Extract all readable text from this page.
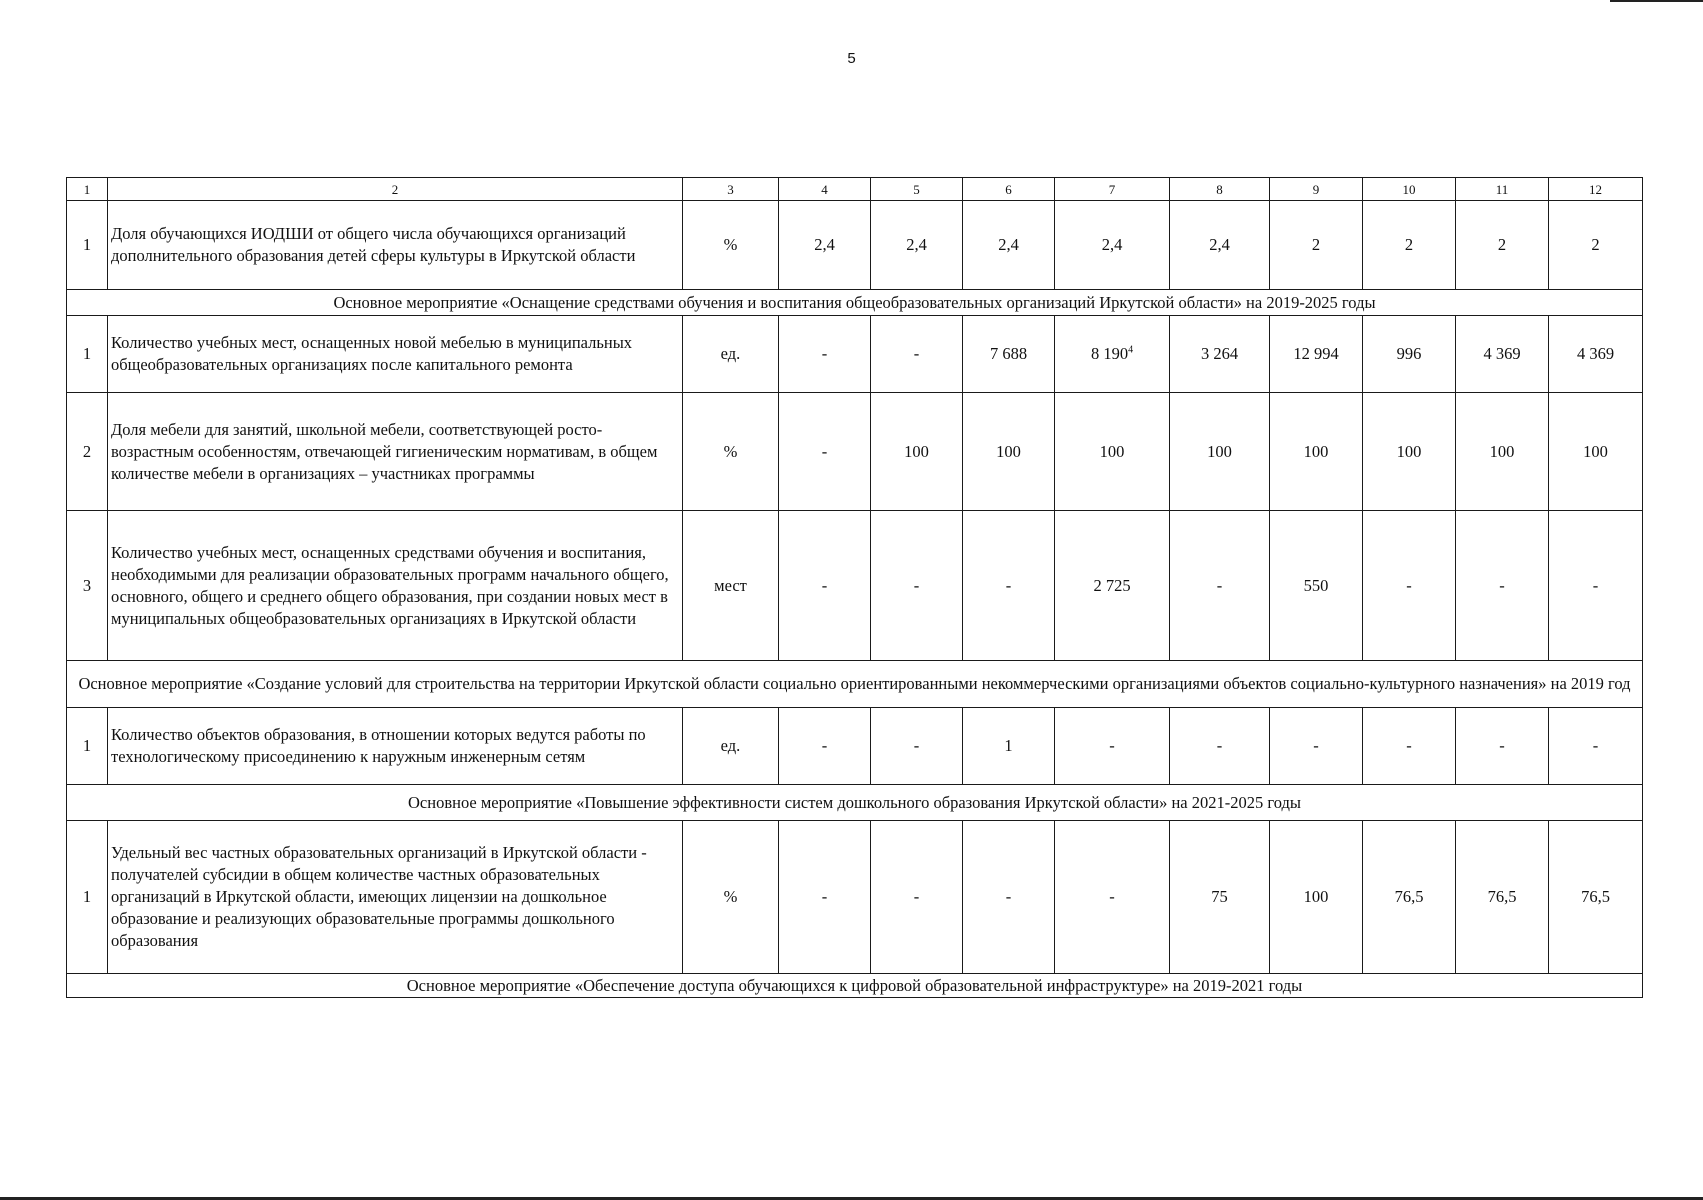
5
1	2	3	4	5	6	7	8	9	10	11	12
1	Доля обучающихся ИОДШИ от общего числа обучающихся организаций дополнительного образования детей сферы культуры в Иркутской области	%	2,4	2,4	2,4	2,4	2,4	2	2	2	2
Основное мероприятие «Оснащение средствами обучения и воспитания общеобразовательных организаций Иркутской области» на 2019-2025 годы											
1	Количество учебных мест, оснащенных новой мебелью в муниципальных общеобразовательных организациях после капитального ремонта	ед.	-	-	7 688	8 $190^4$	3 264	12 994	996	4 369	4 369
2	Доля мебели для занятий, школьной мебели, соответствующей росто-возрастным особенностям, отвечающей гигиеническим нормативам, в общем количестве мебели в организациях – участниках программы	%	-	100	100	100	100	100	100	100	100
3	Количество учебных мест, оснащенных средствами обучения и воспитания, необходимыми для реализации образовательных программ начального общего, основного, общего и среднего общего образования, при создании новых мест в муниципальных общеобразовательных организациях в Иркутской области	мест	-	-	-	2 725	-	550	-	-	-
Основное мероприятие «Создание условий для строительства на территории Иркутской области социально ориентированными некоммерческими организациями объектов социально-культурного назначения» на 2019 год											
1	Количество объектов образования, в отношении которых ведутся работы по технологическому присоединению к наружным инженерным сетям	ед.	-	-	1	-	-	-	-	-	-
Основное мероприятие «Повышение эффективности систем дошкольного образования Иркутской области» на 2021-2025 годы											
1	Удельный вес частных образовательных организаций в Иркутской области - получателей субсидии в общем количестве частных образовательных организаций в Иркутской области, имеющих лицензии на дошкольное образование и реализующих образовательные программы дошкольного образования	%	-	-	-	-	75	100	76,5	76,5	76,5
Основное мероприятие «Обеспечение доступа обучающихся к цифровой образовательной инфраструктуре» на 2019-2021 годы											
